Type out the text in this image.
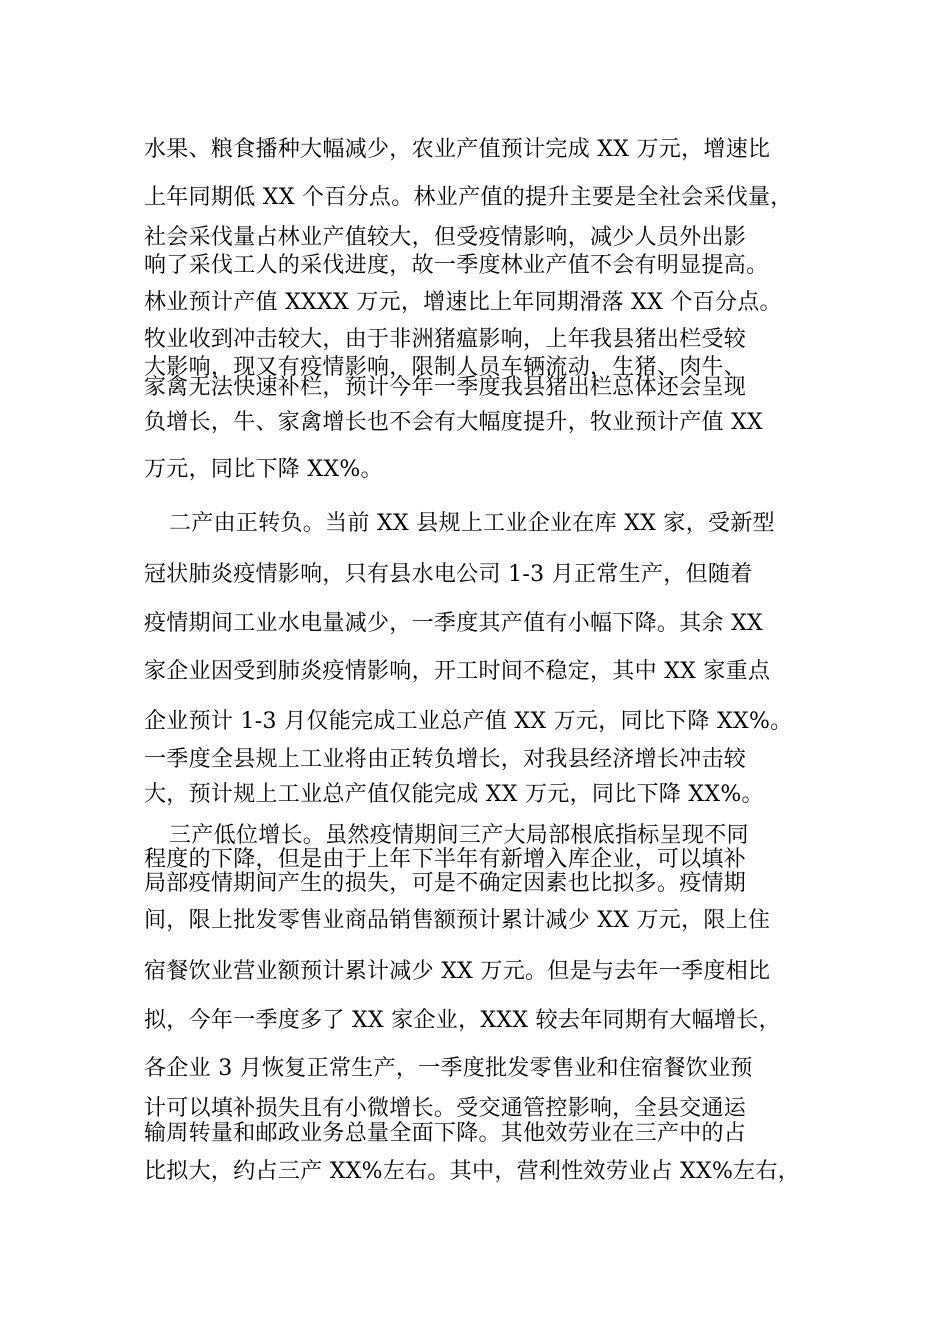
水果、粮食播种大幅减少，农业产值预计完成 XX 万元，增速比
上年同期低 XX 个百分点。林业产值的提升主要是全社会采伐量，
社会采伐量占林业产值较大，但受疫情影响，减少人员外出影
响了采伐工人的采伐进度，故一季度林业产值不会有明显提高。
林业预计产值 XXXX 万元，增速比上年同期滑落 XX 个百分点。
牧业收到冲击较大，由于非洲猪瘟影响，上年我县猪出栏受较
大影响，现又有疫情影响，限制人员车辆流动，生猪、肉牛、
家禽无法快速补栏，预计今年一季度我县猪出栏总体还会呈现
负增长，牛、家禽增长也不会有大幅度提升，牧业预计产值 XX
万元，同比下降 XX%。
二产由正转负。当前 XX 县规上工业企业在库 XX 家，受新型
冠状肺炎疫情影响，只有县水电公司 1-3 月正常生产，但随着
疫情期间工业水电量减少，一季度其产值有小幅下降。其余 XX
家企业因受到肺炎疫情影响，开工时间不稳定，其中 XX 家重点
企业预计 1-3 月仅能完成工业总产值 XX 万元，同比下降 XX%。
一季度全县规上工业将由正转负增长，对我县经济增长冲击较
大，预计规上工业总产值仅能完成 XX 万元，同比下降 XX%。
三产低位增长。虽然疫情期间三产大局部根底指标呈现不同
程度的下降，但是由于上年下半年有新增入库企业，可以填补
局部疫情期间产生的损失，可是不确定因素也比拟多。疫情期
间，限上批发零售业商品销售额预计累计减少 XX 万元，限上住
宿餐饮业营业额预计累计减少 XX 万元。但是与去年一季度相比
拟，今年一季度多了 XX 家企业，XXX 较去年同期有大幅增长，
各企业 3 月恢复正常生产，一季度批发零售业和住宿餐饮业预
计可以填补损失且有小微增长。受交通管控影响，全县交通运
输周转量和邮政业务总量全面下降。其他效劳业在三产中的占
比拟大，约占三产 XX%左右。其中，营利性效劳业占 XX%左右，
